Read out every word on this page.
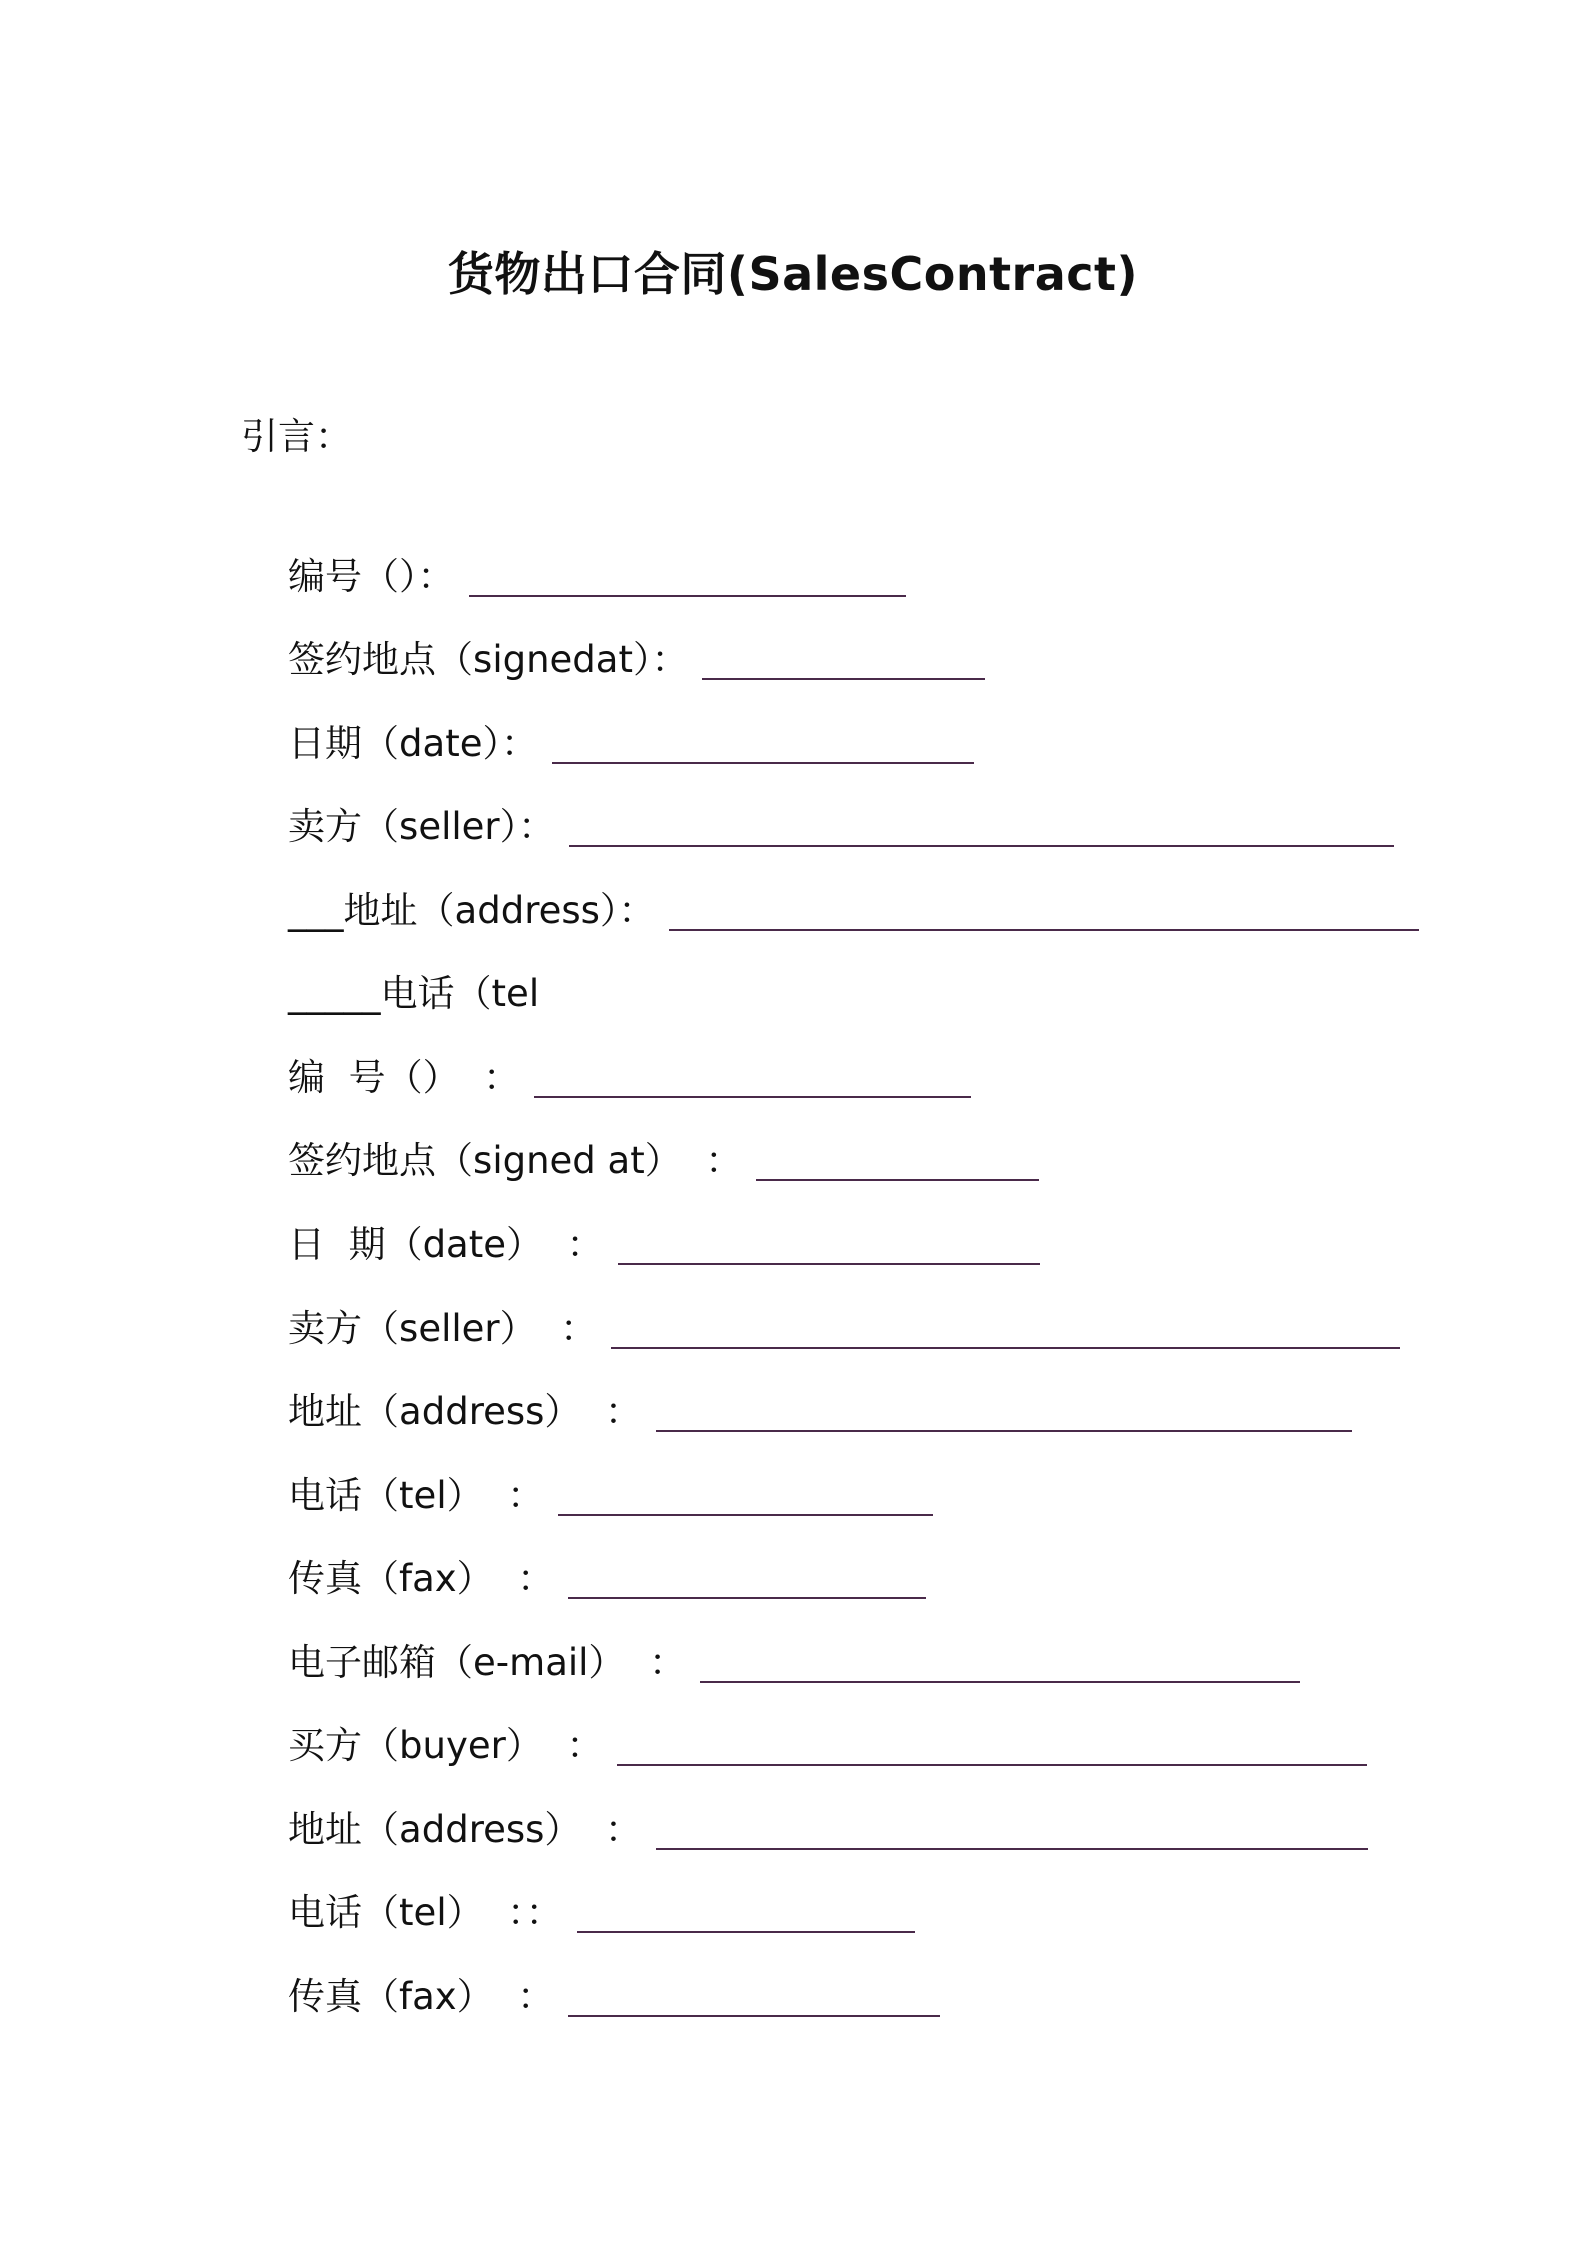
货物出口合同(SalesContract)

引言：

编号（）：

签约地点（signedat）：

日期（date）：

卖方（seller）：

___地址（address）：

_____电话（tel

编  号（）  ：

签约地点（signed at）  ：

日  期（date）  ：

卖方（seller）  ：

地址（address）  ：

电话（tel）  ：

传真（fax）  ：

电子邮箱（e-mail）  ：

买方（buyer）  ：

地址（address）  ：

电话（tel）  ：：

传真（fax）  ：
